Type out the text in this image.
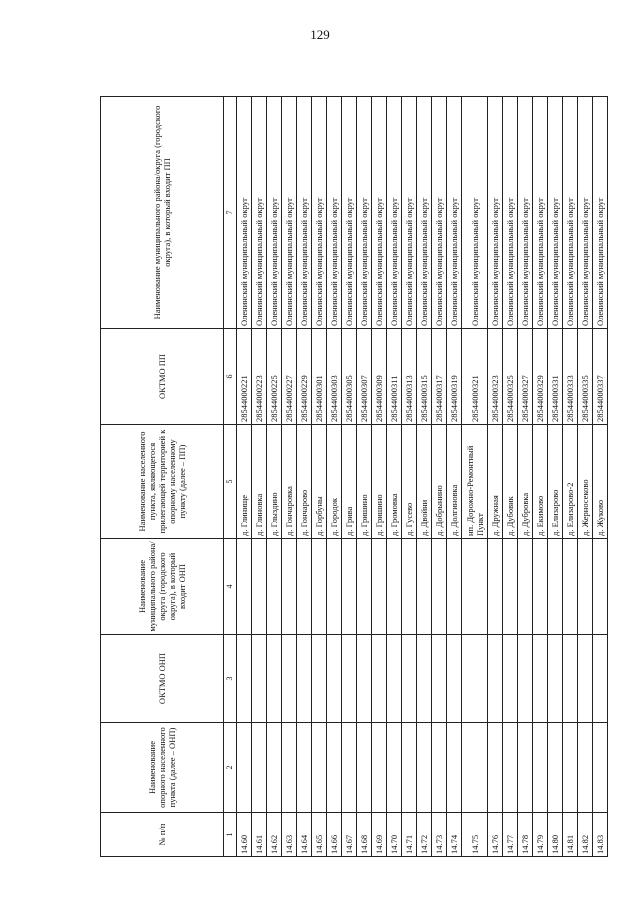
129
№ п/п	Наименование опорного населенного пункта (далее – ОНП)	ОКТМО ОНП	Наименование муниципального района/округа (городского округа), в который входит ОНП	Наименование населенного пункта, являющегося прилегающей территорией к опорному населенному пункту (далее – ПП)	ОКТМО ПП	Наименование муниципального района/округа (городского округа), в который входит ПП
1	2	3	4	5	6	7
14.60				д. Глинище	28544000221	Оленинский муниципальный округ
14.61				д. Глиновка	28544000223	Оленинский муниципальный округ
14.62				д. Глыздино	28544000225	Оленинский муниципальный округ
14.63				д. Гончаровка	28544000227	Оленинский муниципальный округ
14.64				д. Гончарово	28544000229	Оленинский муниципальный округ
14.65				д. Горбуны	28544000301	Оленинский муниципальный округ
14.66				д. Городок	28544000303	Оленинский муниципальный округ
14.67				д. Грива	28544000305	Оленинский муниципальный округ
14.68				д. Гришино	28544000307	Оленинский муниципальный округ
14.69				д. Гришино	28544000309	Оленинский муниципальный округ
14.70				д. Громовка	28544000311	Оленинский муниципальный округ
14.71				д. Гусево	28544000313	Оленинский муниципальный округ
14.72				д. Двойни	28544000315	Оленинский муниципальный округ
14.73				д. Добрынино	28544000317	Оленинский муниципальный округ
14.74				д. Долгиновка	28544000319	Оленинский муниципальный округ
14.75				нп. Дорожно-Ремонтный Пункт	28544000321	Оленинский муниципальный округ
14.76				д. Дружная	28544000323	Оленинский муниципальный округ
14.77				д. Дубовик	28544000325	Оленинский муниципальный округ
14.78				д. Дубровка	28544000327	Оленинский муниципальный округ
14.79				д. Екимово	28544000329	Оленинский муниципальный округ
14.80				д. Елизарово	28544000331	Оленинский муниципальный округ
14.81				д. Елизарово-2	28544000333	Оленинский муниципальный округ
14.82				д. Жерносеково	28544000335	Оленинский муниципальный округ
14.83				д. Жуково	28544000337	Оленинский муниципальный округ
